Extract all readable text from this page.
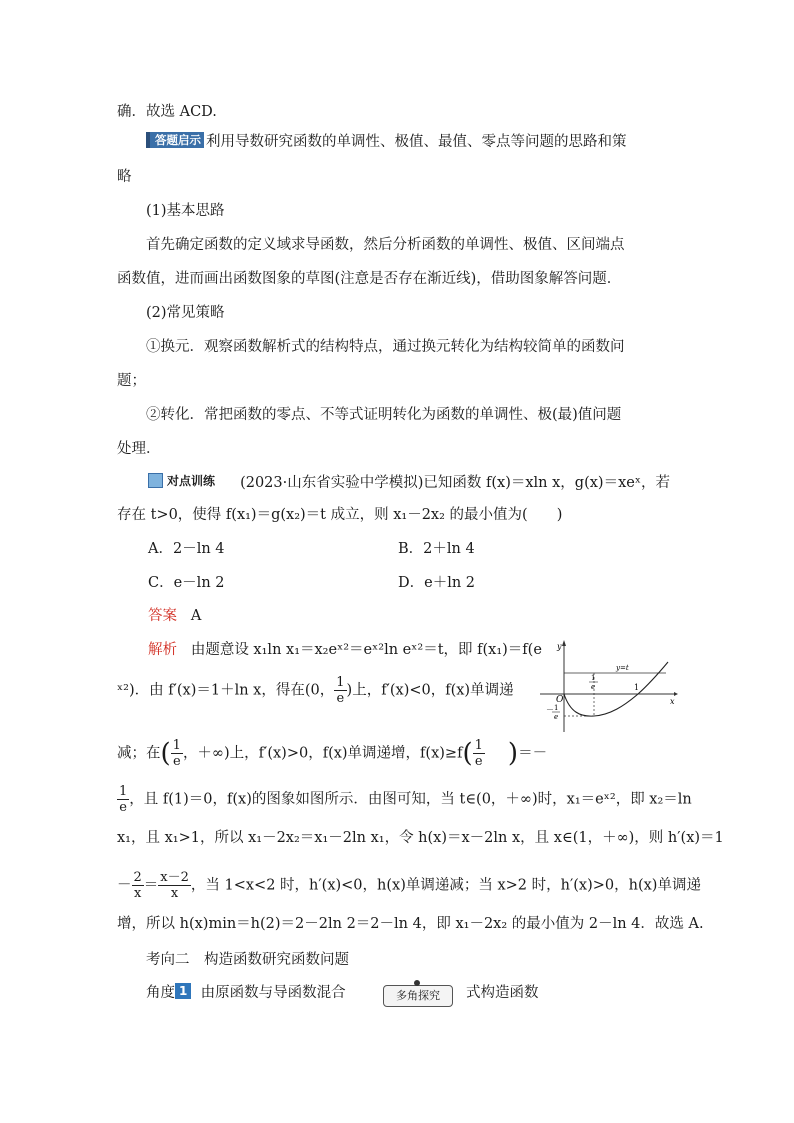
确．故选 ACD.
答题启示 利用导数研究函数的单调性、极值、最值、零点等问题的思路和策
略
(1)基本思路
首先确定函数的定义域求导函数，然后分析函数的单调性、极值、区间端点
函数值，进而画出函数图象的草图(注意是否存在渐近线)，借助图象解答问题．
(2)常见策略
①换元．观察函数解析式的结构特点，通过换元转化为结构较简单的函数问
题；
②转化．常把函数的零点、不等式证明转化为函数的单调性、极(最)值问题
处理．
对点训练 (2023·山东省实验中学模拟)已知函数 f(x)＝xln x，g(x)＝xeˣ，若
存在 t>0，使得 f(x₁)＝g(x₂)＝t 成立，则 x₁－2x₂ 的最小值为(　　)
A．2－ln 4	B．2＋ln 4
C．e－ln 2	D．e＋ln 2
答案 A
解析 由题意设 x₁ln x₁＝x₂eˣ²＝eˣ²ln eˣ²＝t，即 f(x₁)＝f(e
ˣ²)．由 f′(x)＝1＋ln x，得在(0， $\frac{1}{e}$ )上，f′(x)<0，f(x)单调递
减；在( $\frac{1}{e}$ ，＋∞)上，f′(x)>0，f(x)单调递增，$f(x)\ge f( \frac{1}{e}$ )＝－
$\frac{1}{e}$ ，且 f(1)＝0，f(x)的图象如图所示．由图可知，当 t∈(0，＋∞)时，x₁＝eˣ²，即 x₂＝ln
x₁，且 x₁>1，所以 x₁－2x₂＝x₁－2ln x₁，令 h(x)＝x－2ln x，且 x∈(1，＋∞)，则 h′(x)＝1
－ $\frac{2}{x} = \frac{x-2}{x}$ ，当 1<x<2 时，h′(x)<0，h(x)单调递减；当 x>2 时，h′(x)>0，h(x)单调递
增，所以 h(x)min＝h(2)＝2－2ln 2＝2－ln 4，即 x₁－2x₂ 的最小值为 2－ln 4．故选 A.
考向二　构造函数研究函数问题
角度 1 由原函数与导函数混合	多角探究	式构造函数
y
x
O
y=t
1
e	1
－ 1
e
